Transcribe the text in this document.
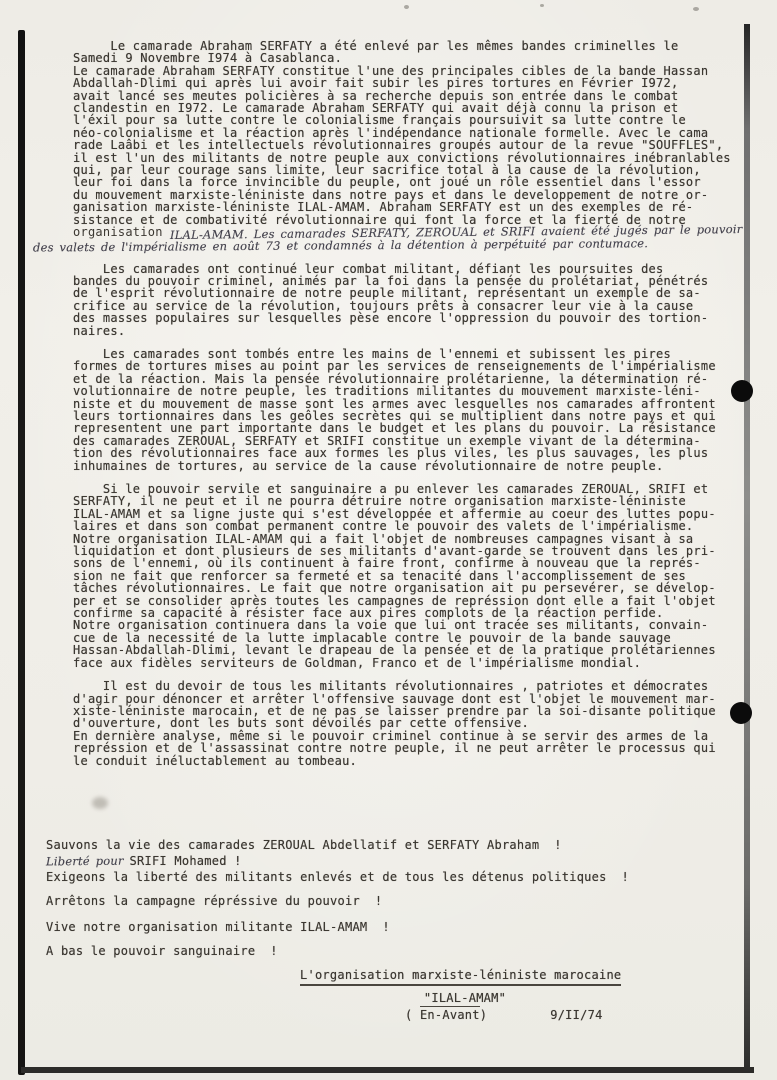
Le camarade Abraham SERFATY a été enlevé par les mêmes bandes criminelles le
Samedi 9 Novembre I974 à Casablanca.
Le camarade Abraham SERFATY constitue l'une des principales cibles de la bande Hassan
Abdallah-Dlimi qui après lui avoir fait subir les pires tortures en Février I972,
avait lancé ses meutes policières à sa recherche depuis son entrée dans le combat
clandestin en I972. Le camarade Abraham SERFATY qui avait déjà connu la prison et
l'éxil pour sa lutte contre le colonialisme français poursuivit sa lutte contre le
néo-colonialisme et la réaction après l'indépendance nationale formelle. Avec le cama
rade Laâbi et les intellectuels révolutionnaires groupés autour de la revue "SOUFFLES",
il est l'un des militants de notre peuple aux convictions révolutionnaires inébranlables
qui, par leur courage sans limite, leur sacrifice total à la cause de la révolution,
leur foi dans la force invincible du peuple, ont joué un rôle essentiel dans l'essor
du mouvement marxiste-léniniste dans notre pays et dans le developpement de notre or-
ganisation marxiste-léniniste ILAL-AMAM. Abraham SERFATY est un des exemples de ré-
sistance et de combativité révolutionnaire qui font la force et la fierté de notre
organisation ILAL-AMAM. Les camarades SERFATY, ZEROUAL et SRIFI avaient été jugés par le pouvoir
des valets de l'impérialisme en août 73 et condamnés à la détention à perpétuité par contumace.
Les camarades ont continué leur combat militant, défiant les poursuites des
bandes du pouvoir criminel, animés par la foi dans la pensée du prolétariat, pénétrés
de l'esprit révolutionnaire de notre peuple militant, représentant un exemple de sa-
crifice au service de la révolution, toujours prêts à consacrer leur vie à la cause
des masses populaires sur lesquelles pèse encore l'oppression du pouvoir des tortion-
naires.
Les camarades sont tombés entre les mains de l'ennemi et subissent les pires
formes de tortures mises au point par les services de renseignements de l'impérialisme
et de la réaction. Mais la pensée révolutionnaire prolétarienne, la détermination ré-
volutionnaire de notre peuple, les traditions militantes du mouvement marxiste-léni-
niste et du mouvement de masse sont les armes avec lesquelles nos camarades affrontent
leurs tortionnaires dans les geôles secrètes qui se multiplient dans notre pays et qui
representent une part importante dans le budget et les plans du pouvoir. La résistance
des camarades ZEROUAL, SERFATY et SRIFI constitue un exemple vivant de la détermina-
tion des révolutionnaires face aux formes les plus viles, les plus sauvages, les plus
inhumaines de tortures, au service de la cause révolutionnaire de notre peuple.
Si le pouvoir servile et sanguinaire a pu enlever les camarades ZEROUAL, SRIFI et
SERFATY, il ne peut et il ne pourra détruire notre organisation marxiste-léniniste
ILAL-AMAM et sa ligne juste qui s'est développée et affermie au coeur des luttes popu-
laires et dans son combat permanent contre le pouvoir des valets de l'impérialisme.
Notre organisation ILAL-AMAM qui a fait l'objet de nombreuses campagnes visant à sa
liquidation et dont plusieurs de ses militants d'avant-garde se trouvent dans les pri-
sons de l'ennemi, où ils continuent à faire front, confirme à nouveau que la représ-
sion ne fait que renforcer sa fermeté et sa tenacité dans l'accomplissement de ses
tâches révolutionnaires. Le fait que notre organisation ait pu persevérer, se dévelop-
per et se consolider après toutes les campagnes de représsion dont elle a fait l'objet
confirme sa capacité à résister face aux pires complots de la réaction perfide.
Notre organisation continuera dans la voie que lui ont tracée ses militants, convain-
cue de la necessité de la lutte implacable contre le pouvoir de la bande sauvage
Hassan-Abdallah-Dlimi, levant le drapeau de la pensée et de la pratique prolétariennes
face aux fidèles serviteurs de Goldman, Franco et de l'impérialisme mondial.
Il est du devoir de tous les militants révolutionnaires , patriotes et démocrates
d'agir pour dénoncer et arrêter l'offensive sauvage dont est l'objet le mouvement mar-
xiste-léniniste marocain, et de ne pas se laisser prendre par la soi-disante politique
d'ouverture, dont les buts sont dévoilés par cette offensive.
En dernière analyse, même si le pouvoir criminel continue à se servir des armes de la
représsion et de l'assassinat contre notre peuple, il ne peut arrêter le processus qui
le conduit inéluctablement au tombeau.
Sauvons la vie des camarades ZEROUAL Abdellatif et SERFATY Abraham  !
Liberté pour SRIFI Mohamed !
Exigeons la liberté des militants enlevés et de tous les détenus politiques  !
Arrêtons la campagne répréssive du pouvoir  !
Vive notre organisation militante ILAL-AMAM  !
A bas le pouvoir sanguinaire  !
L'organisation marxiste-léniniste marocaine
"ILAL-AMAM"
( En-Avant)	9/II/74
